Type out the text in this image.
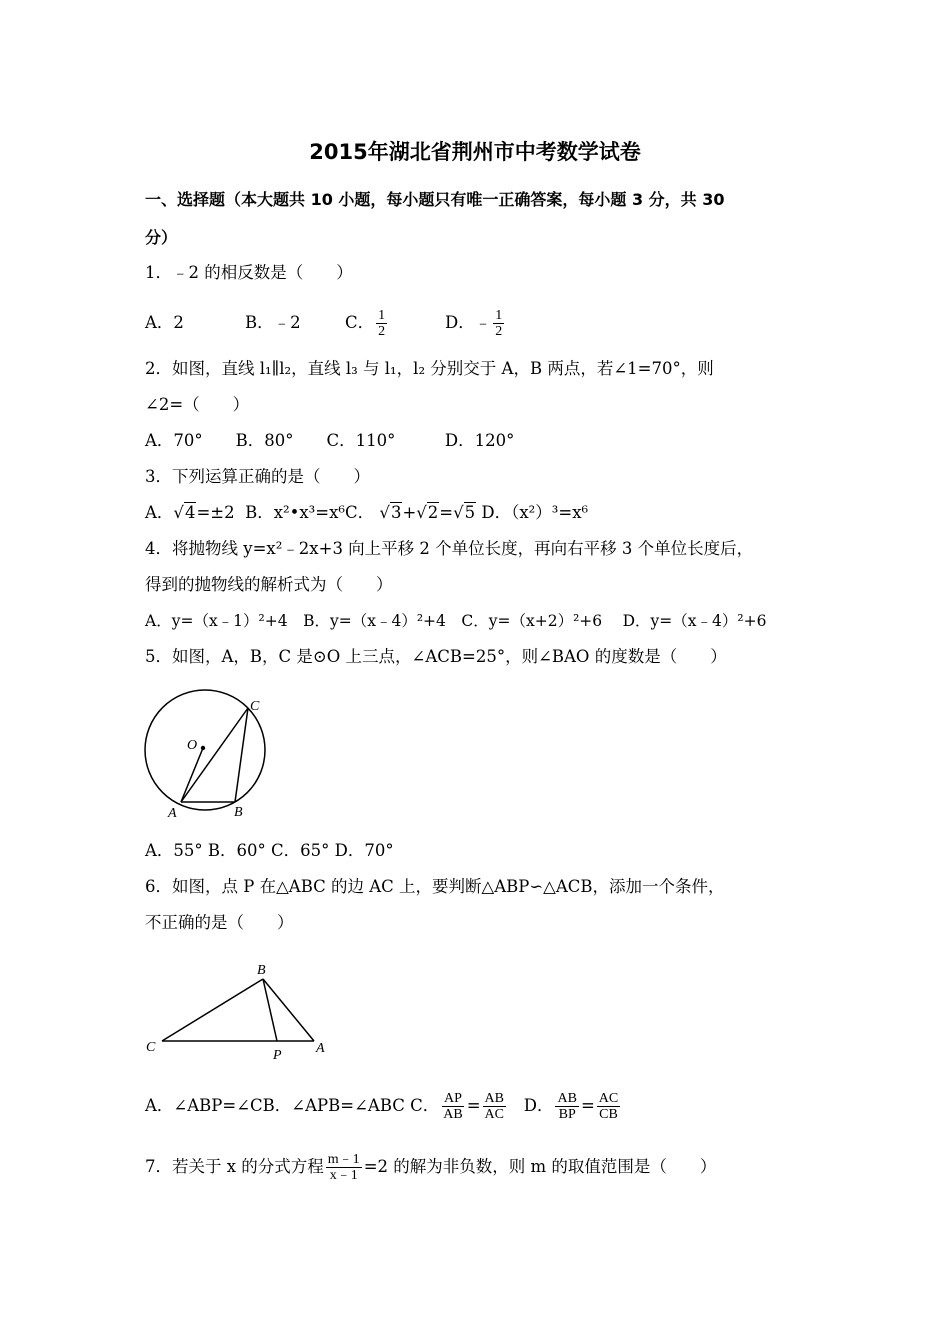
2015年湖北省荆州市中考数学试卷
一、选择题（本大题共 10 小题，每小题只有唯一正确答案，每小题 3 分，共 30
分）
1．﹣2 的相反数是（　　）
A．2	B．﹣2	C． $\frac{1}{2}$	D．﹣ $\frac{1}{2}$
2．如图，直线 l₁∥l₂，直线 l₃ 与 l₁，l₂ 分别交于 A，B 两点，若∠1=70°，则
∠2=（　　）
A．70°　　B．80°　　C．110°　　　D．120°
3．下列运算正确的是（　　）
A．√4=±2 B．x²•x³=x⁶C． √3+√2=√5 D．（x²）³=x⁶
4．将抛物线 y=x²﹣2x+3 向上平移 2 个单位长度，再向右平移 3 个单位长度后，
得到的抛物线的解析式为（　　）
A．y=（x﹣1）²+4　B．y=（x﹣4）²+4　C．y=（x+2）²+6　 D．y=（x﹣4）²+6
5．如图，A，B，C 是⊙O 上三点，∠ACB=25°，则∠BAO 的度数是（　　）
C
O
A	B
A．55° B．60° C．65° D．70°
6．如图，点 P 在△ABC 的边 AC 上，要判断△ABP∽△ACB，添加一个条件，
不正确的是（　　）
B
C
P A
A．∠ABP=∠CB．∠APB=∠ABC C． $\frac{AP}{AB} = \frac{AB}{AC}$ D． $\frac{AB}{BP} = \frac{AC}{CB}$
7．若关于 x 的分式方程 $\frac{m﹣1}{x﹣1} =2$ 的解为非负数，则 m 的取值范围是（　　）
